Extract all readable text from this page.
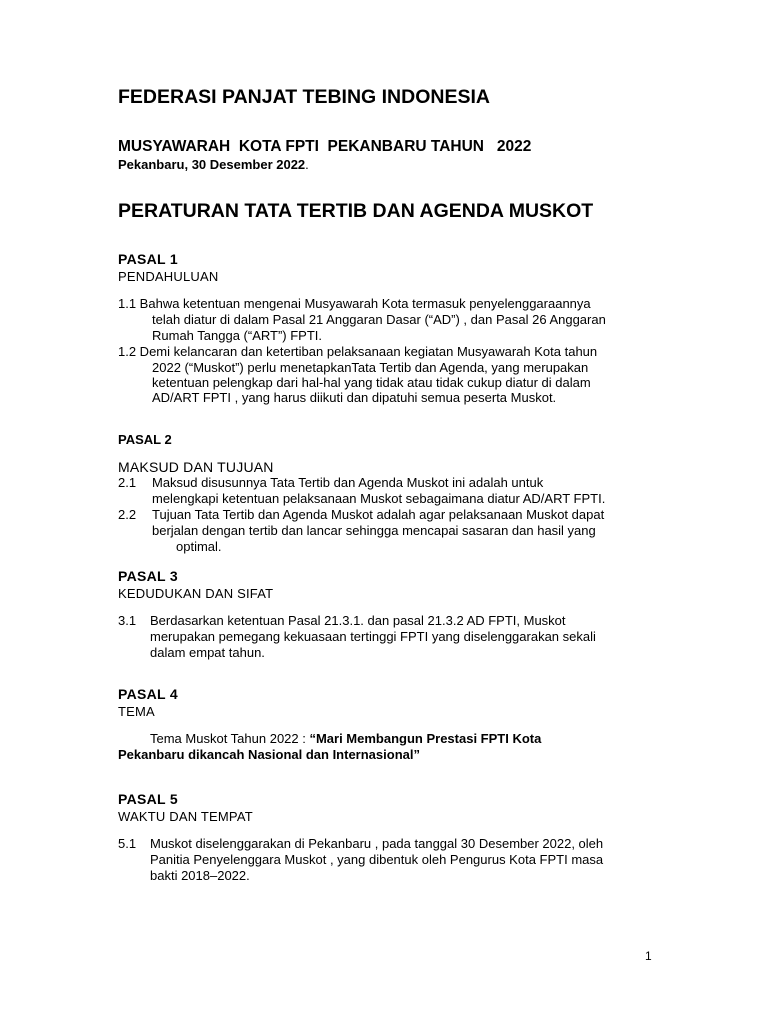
FEDERASI PANJAT TEBING INDONESIA
MUSYAWARAH  KOTA FPTI  PEKANBARU TAHUN   2022
Pekanbaru, 30 Desember 2022.
PERATURAN TATA TERTIB DAN AGENDA MUSKOT
PASAL 1
PENDAHULUAN
1.1 Bahwa ketentuan mengenai Musyawarah Kota termasuk penyelenggaraannya
telah diatur di dalam Pasal 21 Anggaran Dasar (“AD”) , dan Pasal 26 Anggaran
Rumah Tangga (“ART”) FPTI.
1.2 Demi kelancaran dan ketertiban pelaksanaan kegiatan Musyawarah Kota tahun
2022 (“Muskot”) perlu menetapkanTata Tertib dan Agenda, yang merupakan
ketentuan pelengkap dari hal-hal yang tidak atau tidak cukup diatur di dalam
AD/ART FPTI , yang harus diikuti dan dipatuhi semua peserta Muskot.
PASAL 2
MAKSUD DAN TUJUAN
2.1 Maksud disusunnya Tata Tertib dan Agenda Muskot ini adalah untuk
melengkapi ketentuan pelaksanaan Muskot sebagaimana diatur AD/ART FPTI.
2.2 Tujuan Tata Tertib dan Agenda Muskot adalah agar pelaksanaan Muskot dapat
berjalan dengan tertib dan lancar sehingga mencapai sasaran dan hasil yang
optimal.
PASAL 3
KEDUDUKAN DAN SIFAT
3.1 Berdasarkan ketentuan Pasal 21.3.1. dan pasal 21.3.2 AD FPTI, Muskot
merupakan pemegang kekuasaan tertinggi FPTI yang diselenggarakan sekali
dalam empat tahun.
PASAL 4
TEMA
Tema Muskot Tahun 2022 : “Mari Membangun Prestasi FPTI Kota
Pekanbaru dikancah Nasional dan Internasional”
PASAL 5
WAKTU DAN TEMPAT
5.1 Muskot diselenggarakan di Pekanbaru , pada tanggal 30 Desember 2022, oleh
Panitia Penyelenggara Muskot , yang dibentuk oleh Pengurus Kota FPTI masa
bakti 2018–2022.
1
